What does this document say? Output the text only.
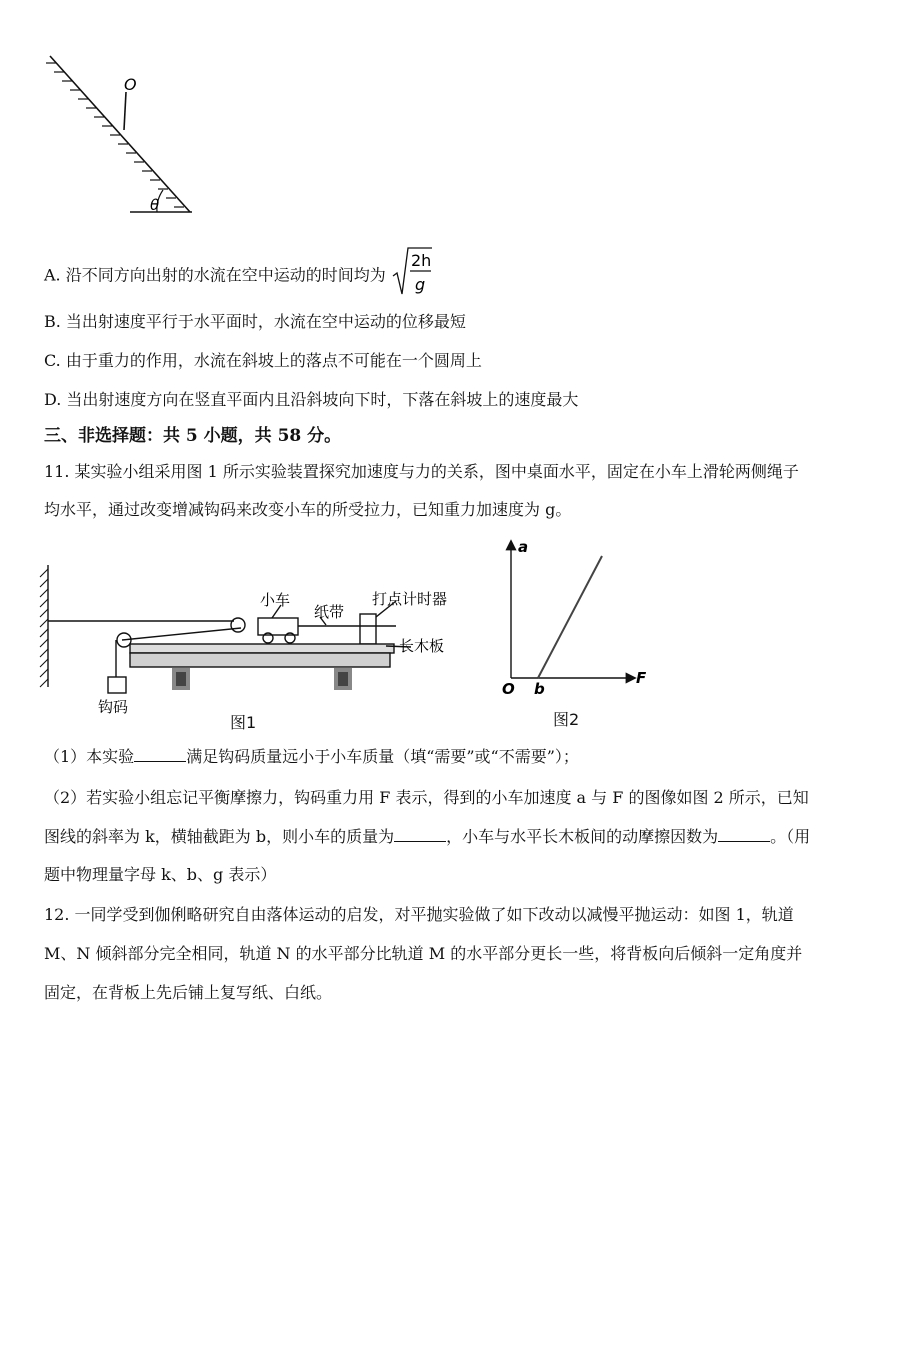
O
θ
A. 沿不同方向出射的水流在空中运动的时间均为
2h
g
B. 当出射速度平行于水平面时，水流在空中运动的位移最短
C. 由于重力的作用，水流在斜坡上的落点不可能在一个圆周上
D. 当出射速度方向在竖直平面内且沿斜坡向下时，下落在斜坡上的速度最大
三、非选择题：共 5 小题，共 58 分。
11. 某实验小组采用图 1 所示实验装置探究加速度与力的关系，图中桌面水平，固定在小车上滑轮两侧绳子
均水平，通过改变增减钩码来改变小车的所受拉力，已知重力加速度为 g。
小车
纸带
打点计时器
长木板
钩码
图1
a
F
O b
图2
（1）本实验	满足钩码质量远小于小车质量（填“需要”或“不需要”）；
（2）若实验小组忘记平衡摩擦力，钩码重力用 F 表示，得到的小车加速度 a 与 F 的图像如图 2 所示，已知
图线的斜率为 k，横轴截距为 b，则小车的质量为	，小车与水平长木板间的动摩擦因数为	。（用
题中物理量字母 k、b、g 表示）
12. 一同学受到伽俐略研究自由落体运动的启发，对平抛实验做了如下改动以减慢平抛运动：如图 1，轨道
M、N 倾斜部分完全相同，轨道 N 的水平部分比轨道 M 的水平部分更长一些，将背板向后倾斜一定角度并
固定，在背板上先后铺上复写纸、白纸。
